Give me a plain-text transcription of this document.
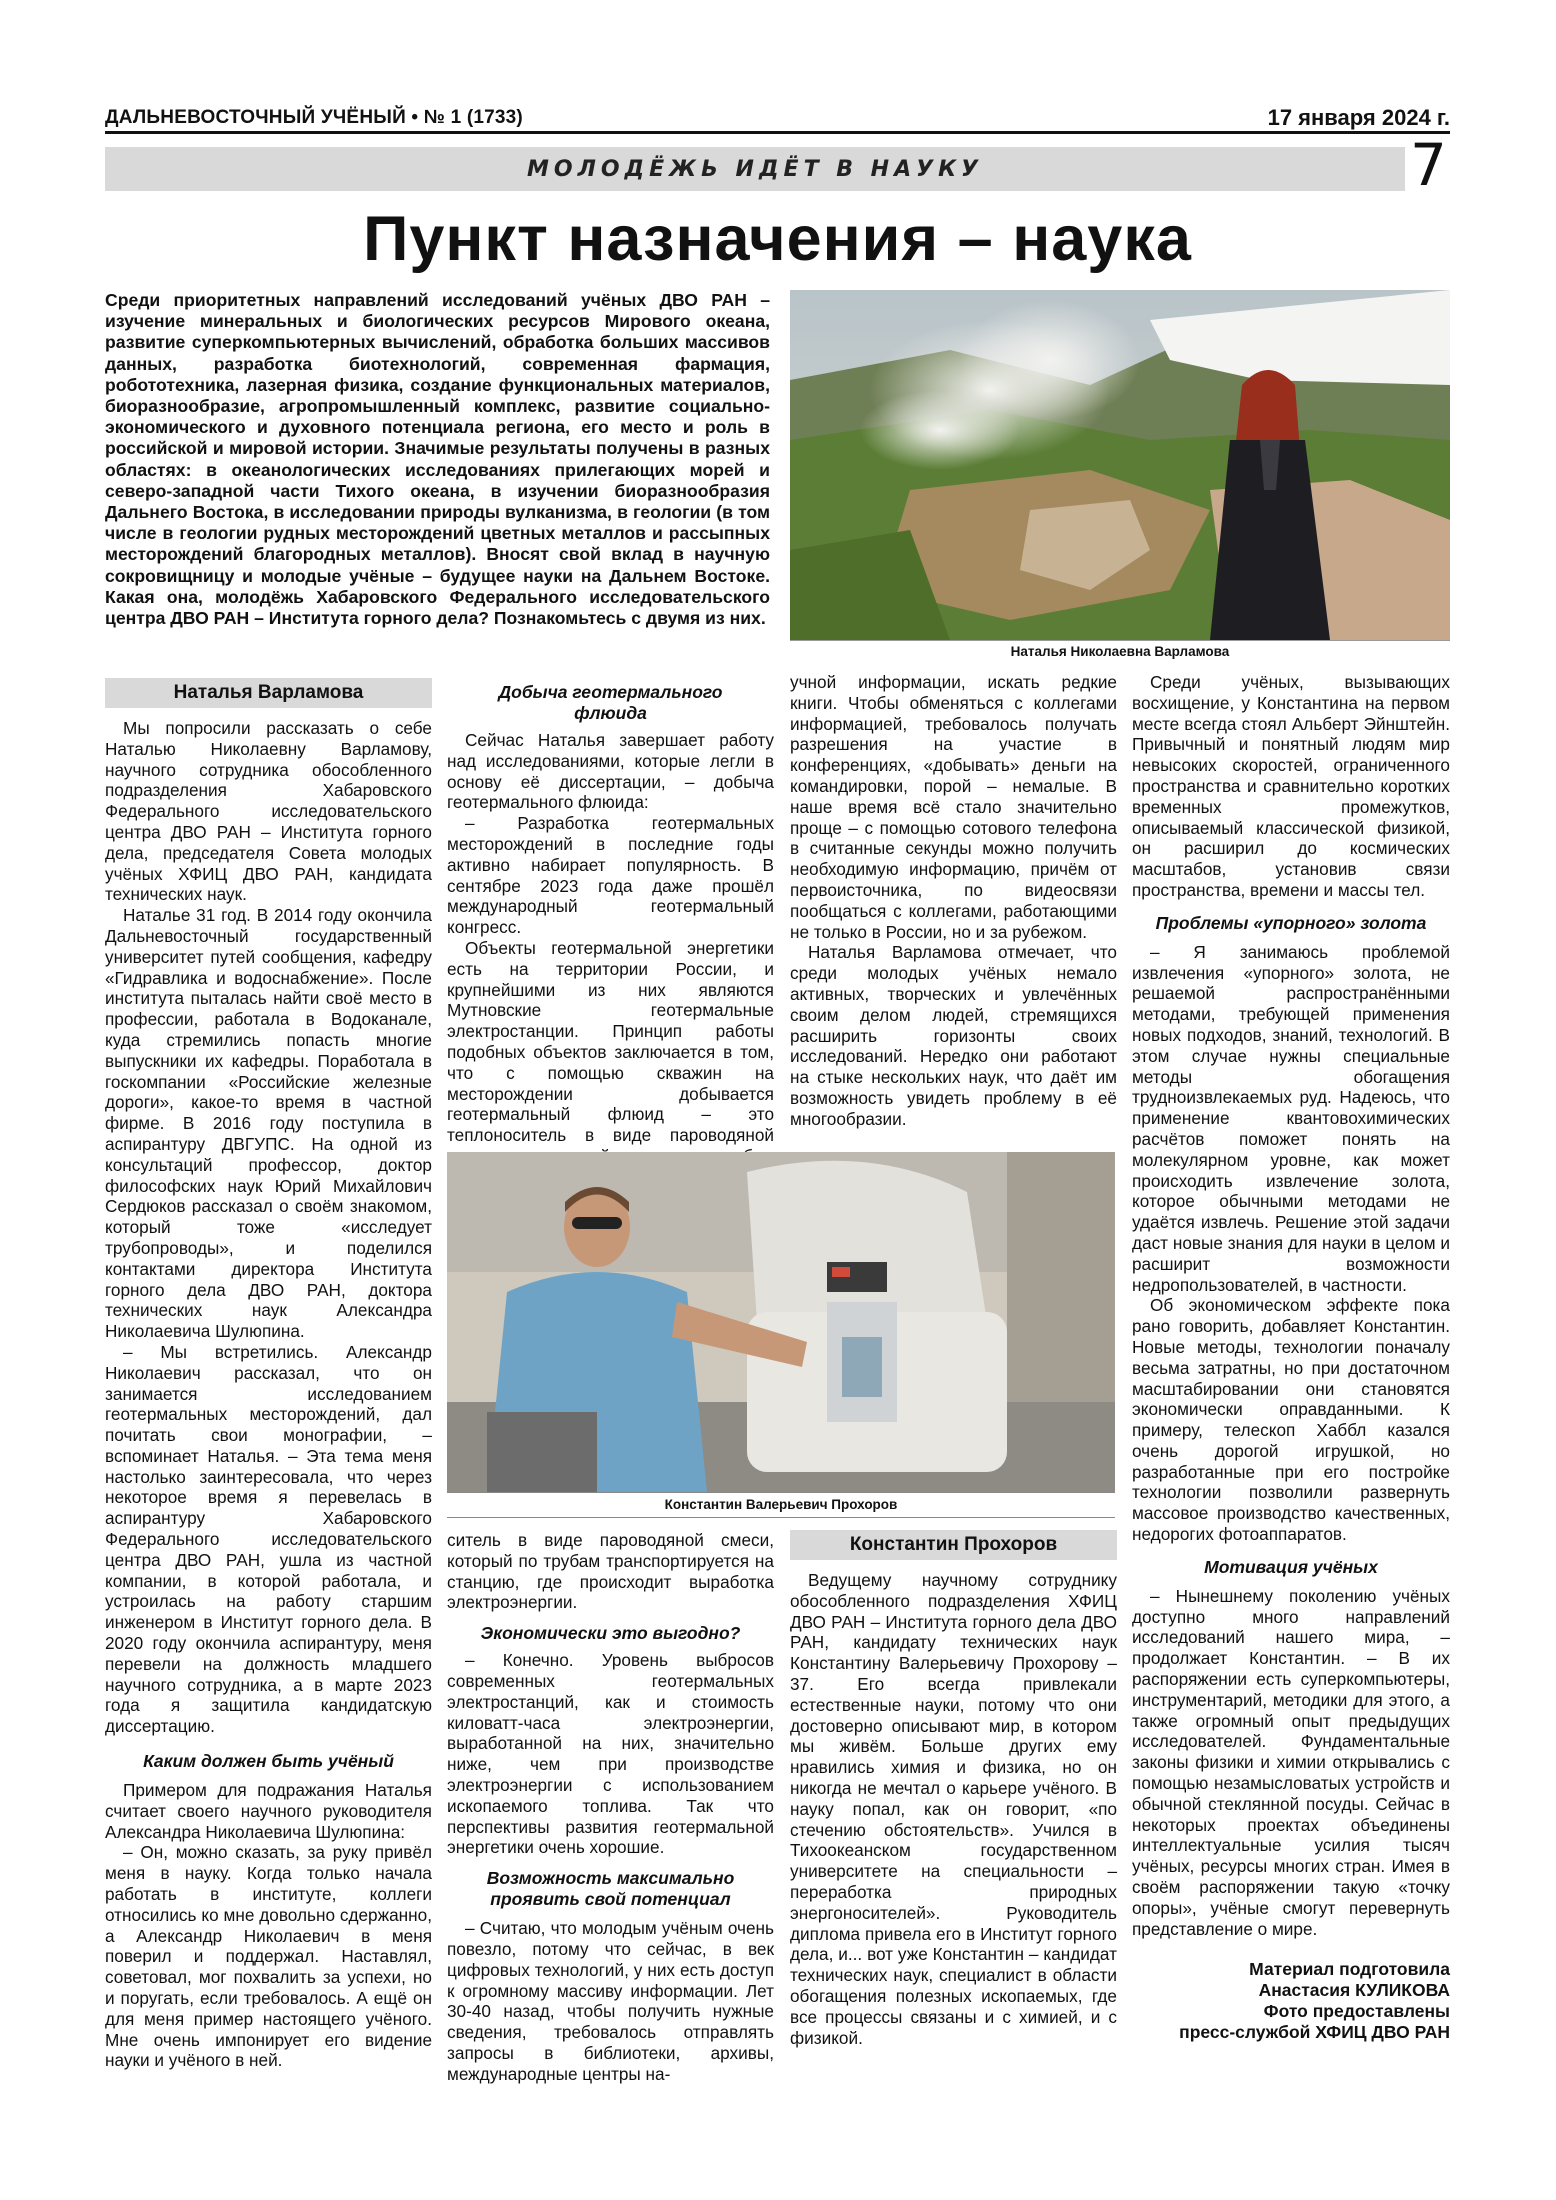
ДАЛЬНЕВОСТОЧНЫЙ УЧЁНЫЙ • № 1 (1733)	17 января 2024 г.
МОЛОДЁЖЬ ИДЁТ В НАУКУ	7
Пункт назначения – наука

Среди приоритетных направлений исследований учёных ДВО РАН – изучение минеральных и биологических ресурсов Мирового океана, развитие суперкомпьютерных вычислений, обработка больших массивов данных, разработка биотехнологий, современная фармация, робототехника, лазерная физика, создание функциональных материалов, биоразнообразие, агропромышленный комплекс, развитие социально-экономического и духовного потенциала региона, его место и роль в российской и мировой истории. Значимые результаты получены в разных областях: в океанологических исследованиях прилегающих морей и северо-западной части Тихого океана, в изучении биоразнообразия Дальнего Востока, в исследовании природы вулканизма, в геологии (в том числе в геологии рудных месторождений цветных металлов и рассыпных месторождений благородных металлов). Вносят свой вклад в научную сокровищницу и молодые учёные – будущее науки на Дальнем Востоке. Какая она, молодёжь Хабаровского Федерального исследовательского центра ДВО РАН – Института горного дела? Познакомьтесь с двумя из них.

Наталья Николаевна Варламова
Наталья Варламова

Мы попросили рассказать о себе Наталью Николаевну Варламову, научного сотрудника обособленного подразделения Хабаровского Федерального исследовательского центра ДВО РАН – Института горного дела, председателя Совета молодых учёных ХФИЦ ДВО РАН, кандидата технических наук.

Наталье 31 год. В 2014 году окончила Дальневосточный государственный университет путей сообщения, кафедру «Гидравлика и водоснабжение». После института пыталась найти своё место в профессии, работала в Водоканале, куда стремились попасть многие выпускники их кафедры. Поработала в госкомпании «Российские железные дороги», какое-то время в частной фирме. В 2016 году поступила в аспирантуру ДВГУПС. На одной из консультаций профессор, доктор философских наук Юрий Михайлович Сердюков рассказал о своём знакомом, который тоже «исследует трубопроводы», и поделился контактами директора Института горного дела ДВО РАН, доктора технических наук Александра Николаевича Шулюпина.

– Мы встретились. Александр Николаевич рассказал, что он занимается исследованием геотермальных месторождений, дал почитать свои монографии, – вспоминает Наталья. – Эта тема меня настолько заинтересовала, что через некоторое время я перевелась в аспирантуру Хабаровского Федерального исследовательского центра ДВО РАН, ушла из частной компании, в которой работала, и устроилась на работу старшим инженером в Институт горного дела. В 2020 году окончила аспирантуру, меня перевели на должность младшего научного сотрудника, а в марте 2023 года я защитила кандидатскую диссертацию.

Каким должен быть учёный

Примером для подражания Наталья считает своего научного руководителя Александра Николаевича Шулюпина:

– Он, можно сказать, за руку привёл меня в науку. Когда только начала работать в институте, коллеги относились ко мне довольно сдержанно, а Александр Николаевич в меня поверил и поддержал. Наставлял, советовал, мог похвалить за успехи, но и поругать, если требовалось. А ещё он для меня пример настоящего учёного. Мне очень импонирует его видение науки и учёного в ней.

Добыча геотермального флюида

Сейчас Наталья завершает работу над исследованиями, которые легли в основу её диссертации, – добыча геотермального флюида:

– Разработка геотермальных месторождений в последние годы активно набирает популярность. В сентябре 2023 года даже прошёл международный геотермальный конгресс.

Объекты геотермальной энергетики есть на территории России, и крупнейшими из них являются Мутновские геотермальные электростанции. Принцип работы подобных объектов заключается в том, что с помощью скважин на месторождении добывается геотермальный флюид – это теплоноситель в виде пароводяной

учной информации, искать редкие книги. Чтобы обменяться с коллегами информацией, требовалось получать разрешения на участие в конференциях, «добывать» деньги на командировки, порой – немалые. В наше время всё стало значительно проще – с помощью сотового телефона в считанные секунды можно получить необходимую информацию, причём от первоисточника, по видеосвязи пообщаться с коллегами, работающими не только в России, но и за рубежом.

Наталья Варламова отмечает, что среди молодых учёных немало активных, творческих и увлечённых своим делом людей, стремящихся расширить горизонты своих исследований. Нередко они работают на стыке нескольких наук, что даёт им возможность увидеть проблему в её многообразии.

Константин Валерьевич Прохоров

ситель в виде пароводяной смеси, который по трубам транспортируется на станцию, где происходит выработка электроэнергии.

Экономически это выгодно?

– Конечно. Уровень выбросов современных геотермальных электростанций, как и стоимость киловатт-часа электроэнергии, выработанной на них, значительно ниже, чем при производстве электроэнергии с использованием ископаемого топлива. Так что перспективы развития геотермальной энергетики очень хорошие.

Возможность максимально проявить свой потенциал

– Считаю, что молодым учёным очень повезло, потому что сейчас, в век цифровых технологий, у них есть доступ к огромному массиву информации. Лет 30-40 назад, чтобы получить нужные сведения, требовалось отправлять запросы в библиотеки, архивы, международные центры на-

Константин Прохоров

Ведущему научному сотруднику обособленного подразделения ХФИЦ ДВО РАН – Института горного дела ДВО РАН, кандидату технических наук Константину Валерьевичу Прохорову – 37. Его всегда привлекали естественные науки, потому что они достоверно описывают мир, в котором мы живём. Больше других ему нравились химия и физика, но он никогда не мечтал о карьере учёного. В науку попал, как он говорит, «по стечению обстоятельств». Учился в Тихоокеанском государственном университете на специальности – переработка природных энергоносителей». Руководитель диплома привела его в Институт горного дела, и... вот уже Константин – кандидат технических наук, специалист в области обогащения полезных ископаемых, где все процессы связаны и с химией, и с физикой.

Среди учёных, вызывающих восхищение, у Константина на первом месте всегда стоял Альберт Эйнштейн. Привычный и понятный людям мир невысоких скоростей, ограниченного пространства и сравнительно коротких временных промежутков, описываемый классической физикой, он расширил до космических масштабов, установив связи пространства, времени и массы тел.

Проблемы «упорного» золота

– Я занимаюсь проблемой извлечения «упорного» золота, не решаемой распространёнными методами, требующей применения новых подходов, знаний, технологий. В этом случае нужны специальные методы обогащения трудноизвлекаемых руд. Надеюсь, что применение квантовохимических расчётов поможет понять на молекулярном уровне, как может происходить извлечение золота, которое обычными методами не удаётся извлечь. Решение этой задачи даст новые знания для науки в целом и расширит возможности недропользователей, в частности.

Об экономическом эффекте пока рано говорить, добавляет Константин. Новые методы, технологии поначалу весьма затратны, но при достаточном масштабировании они становятся экономически оправданными. К примеру, телескоп Хаббл казался очень дорогой игрушкой, но разработанные при его постройке технологии позволили развернуть массовое производство качественных, недорогих фотоаппаратов.

Мотивация учёных

– Нынешнему поколению учёных доступно много направлений исследований нашего мира, – продолжает Константин. – В их распоряжении есть суперкомпьютеры, инструментарий, методики для этого, а также огромный опыт предыдущих исследователей. Фундаментальные законы физики и химии открывались с помощью незамысловатых устройств и обычной стеклянной посуды. Сейчас в некоторых проектах объединены интеллектуальные усилия тысяч учёных, ресурсы многих стран. Имея в своём распоряжении такую «точку опоры», учёные смогут перевернуть представление о мире.

Материал подготовила
Анастасия КУЛИКОВА
Фото предоставлены
пресс-службой ХФИЦ ДВО РАН
